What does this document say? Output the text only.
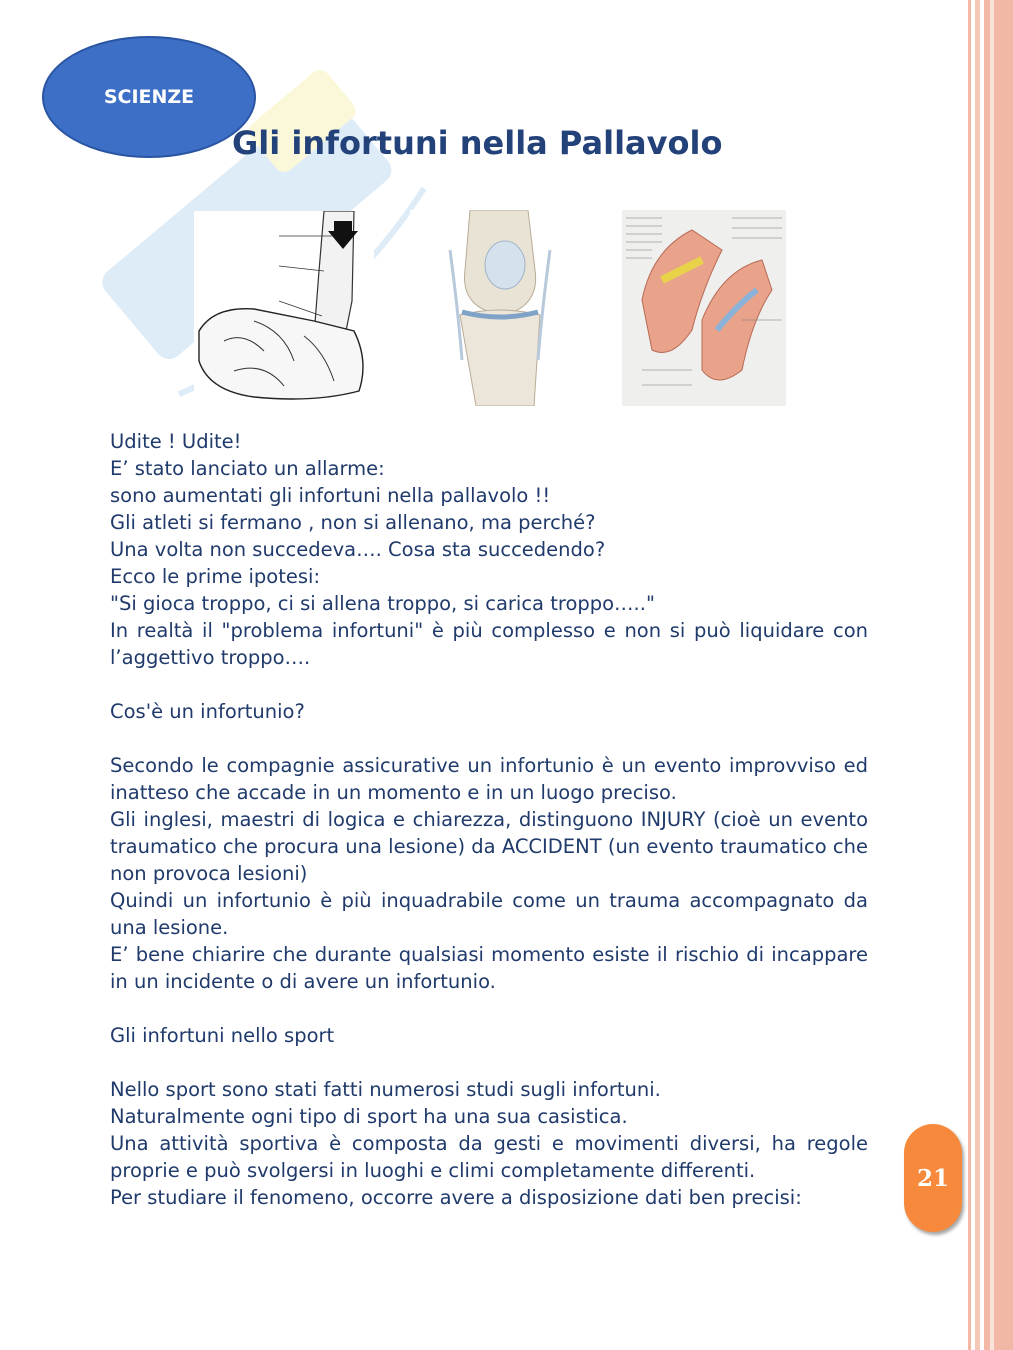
SCIENZE
Gli infortuni nella Pallavolo

Udite ! Udite!

E’ stato lanciato un allarme:

sono aumentati gli infortuni nella pallavolo !!

Gli atleti si fermano , non si allenano, ma perché?

Una volta non succedeva…. Cosa sta succedendo?

Ecco le prime ipotesi:

"Si gioca troppo, ci si allena troppo, si carica troppo….."

In realtà il "problema infortuni" è più complesso e non si può liquidare con l’aggettivo troppo….

Cos'è un infortunio?

Secondo le compagnie assicurative un infortunio è un evento improvviso ed inatteso che accade in un momento e in un luogo preciso.

Gli inglesi, maestri di logica e chiarezza, distinguono INJURY (cioè un evento traumatico che procura una lesione) da ACCIDENT (un evento traumatico che non provoca lesioni)

Quindi un infortunio è più inquadrabile come un trauma accompagnato da una lesione.

E’ bene chiarire che durante qualsiasi momento esiste il rischio di incappare in un incidente o di avere un infortunio.

Gli infortuni nello sport

Nello sport sono stati fatti numerosi studi sugli infortuni.

Naturalmente ogni tipo di sport ha una sua casistica.

Una attività sportiva è composta da gesti e movimenti diversi, ha regole proprie e può svolgersi in luoghi e climi completamente differenti.

Per studiare il fenomeno, occorre avere a disposizione dati ben precisi:

21
